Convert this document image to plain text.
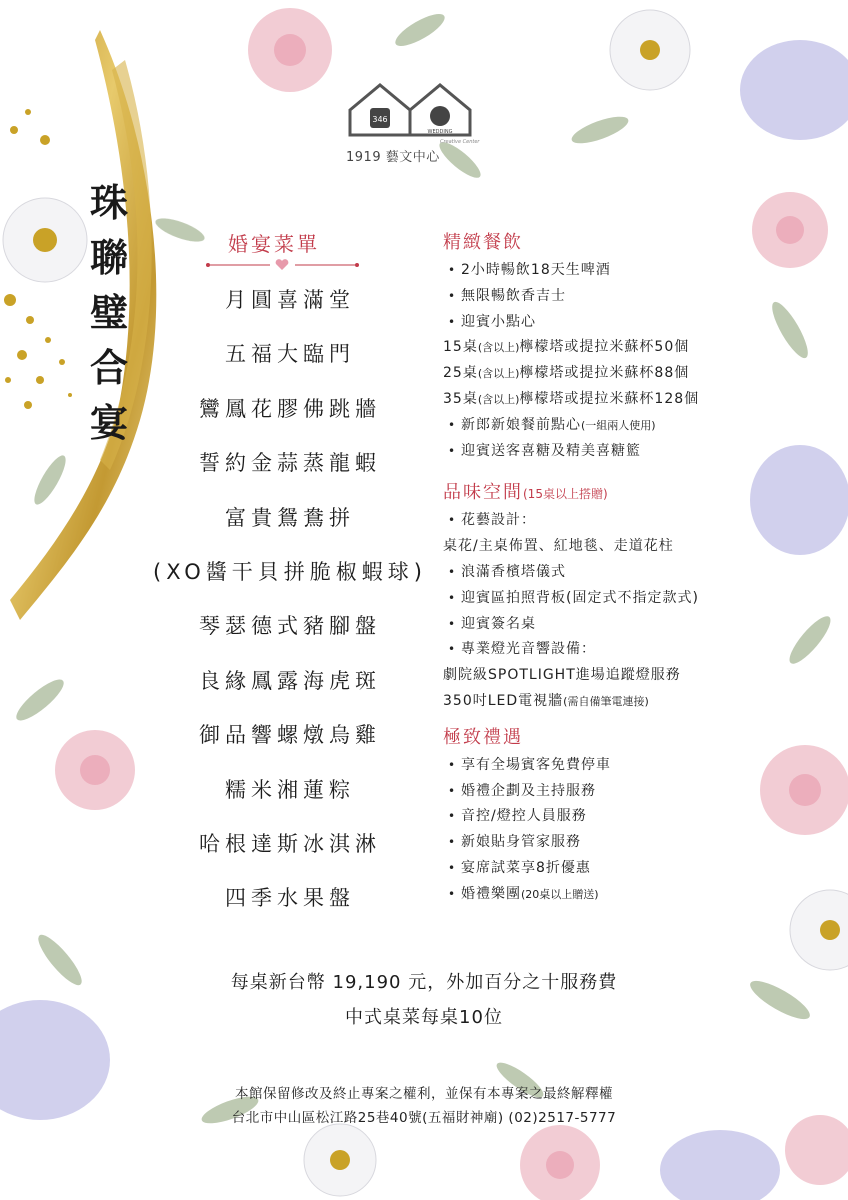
346
WEDDING
1919 藝文中心
Creative Center
珠
聯
璧
合
宴
婚宴菜單
月圓喜滿堂
五福大臨門
鸞鳳花膠佛跳牆
誓約金蒜蒸龍蝦
富貴鴛鴦拼
(XO醬干貝拼脆椒蝦球)
琴瑟德式豬腳盤
良緣鳳露海虎斑
御品響螺燉烏雞
糯米湘蓮粽
哈根達斯冰淇淋
四季水果盤
精緻餐飲
• 2小時暢飲18天生啤酒
• 無限暢飲香吉士
• 迎賓小點心
15桌(含以上)檸檬塔或提拉米蘇杯50個
25桌(含以上)檸檬塔或提拉米蘇杯88個
35桌(含以上)檸檬塔或提拉米蘇杯128個
• 新郎新娘餐前點心(一組兩人使用)
• 迎賓送客喜糖及精美喜糖籃
品味空間(15桌以上搭贈)
• 花藝設計：
桌花/主桌佈置、紅地毯、走道花柱
• 浪滿香檳塔儀式
• 迎賓區拍照背板(固定式不指定款式)
• 迎賓簽名桌
• 專業燈光音響設備：
劇院級SPOTLIGHT進場追蹤燈服務
350吋LED電視牆(需自備筆電連接)
極致禮遇
• 享有全場賓客免費停車
• 婚禮企劃及主持服務
• 音控/燈控人員服務
• 新娘貼身管家服務
• 宴席試菜享8折優惠
• 婚禮樂團(20桌以上贈送)
每桌新台幣 19,190 元，外加百分之十服務費
中式桌菜每桌10位
本館保留修改及終止專案之權利，並保有本專案之最終解釋權
台北市中山區松江路25巷40號(五福財神廟) (02)2517-5777
